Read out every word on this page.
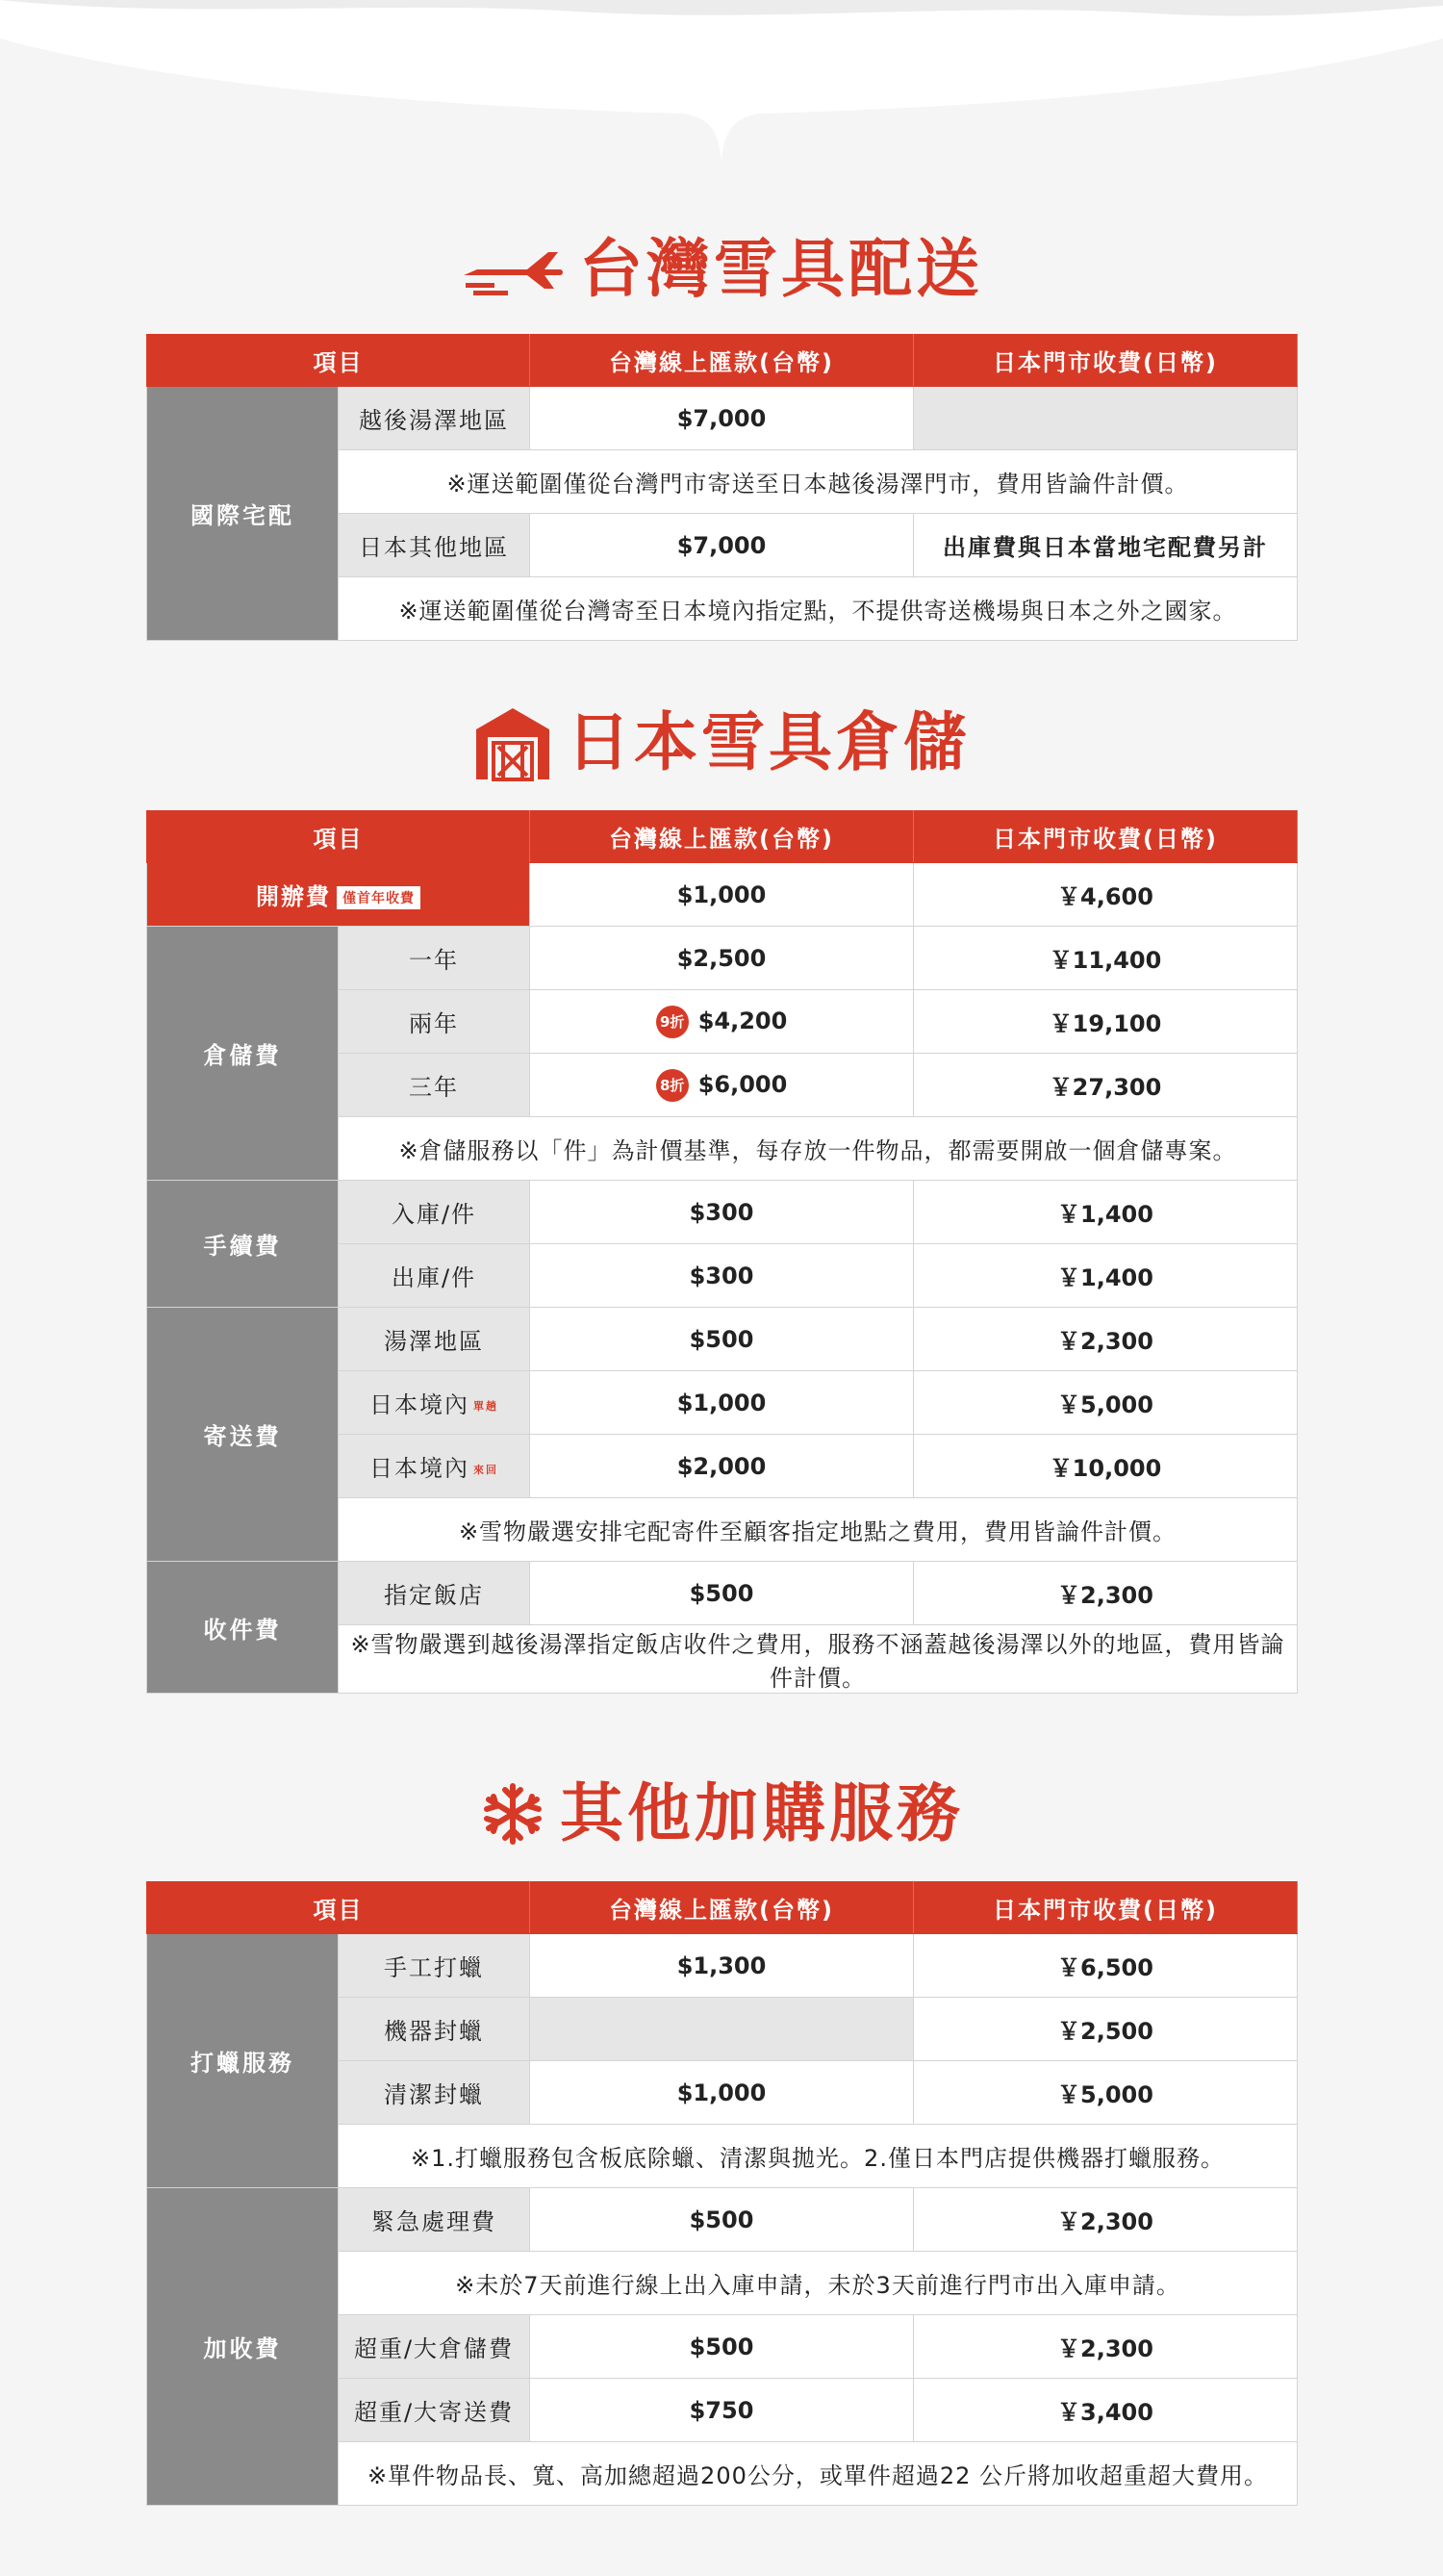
台灣雪具配送
項目		台灣線上匯款(台幣)	日本門市收費(日幣)
國際宅配	越後湯澤地區	$7,000	
	※運送範圍僅從台灣門市寄送至日本越後湯澤門市，費用皆論件計價。		
	日本其他地區	$7,000	出庫費與日本當地宅配費另計
	※運送範圍僅從台灣寄至日本境內指定點，不提供寄送機場與日本之外之國家。		
日本雪具倉儲
項目		台灣線上匯款(台幣)	日本門市收費(日幣)
開辦費 僅首年收費		$1,000	￥4,600
倉儲費	一年	$2,500	￥11,400
	兩年	9折 $4,200	￥19,100
	三年	8折 $6,000	￥27,300
	※倉儲服務以「件」為計價基準，每存放一件物品，都需要開啟一個倉儲專案。		
手續費	入庫/件	$300	￥1,400
	出庫/件	$300	￥1,400
寄送費	湯澤地區	$500	￥2,300
	日本境內 單趟	$1,000	￥5,000
	日本境內 來回	$2,000	￥10,000
	※雪物嚴選安排宅配寄件至顧客指定地點之費用，費用皆論件計價。		
收件費	指定飯店	$500	￥2,300
	※雪物嚴選到越後湯澤指定飯店收件之費用，服務不涵蓋越後湯澤以外的地區，費用皆論件計價。		
其他加購服務
項目		台灣線上匯款(台幣)	日本門市收費(日幣)
打蠟服務	手工打蠟	$1,300	￥6,500
	機器封蠟		￥2,500
	清潔封蠟	$1,000	￥5,000
	※1.打蠟服務包含板底除蠟、清潔與拋光。2.僅日本門店提供機器打蠟服務。		
加收費	緊急處理費	$500	￥2,300
	※未於7天前進行線上出入庫申請，未於3天前進行門市出入庫申請。		
	超重/大倉儲費	$500	￥2,300
	超重/大寄送費	$750	￥3,400
	※單件物品長、寬、高加總超過200公分，或單件超過22 公斤將加收超重超大費用。		
